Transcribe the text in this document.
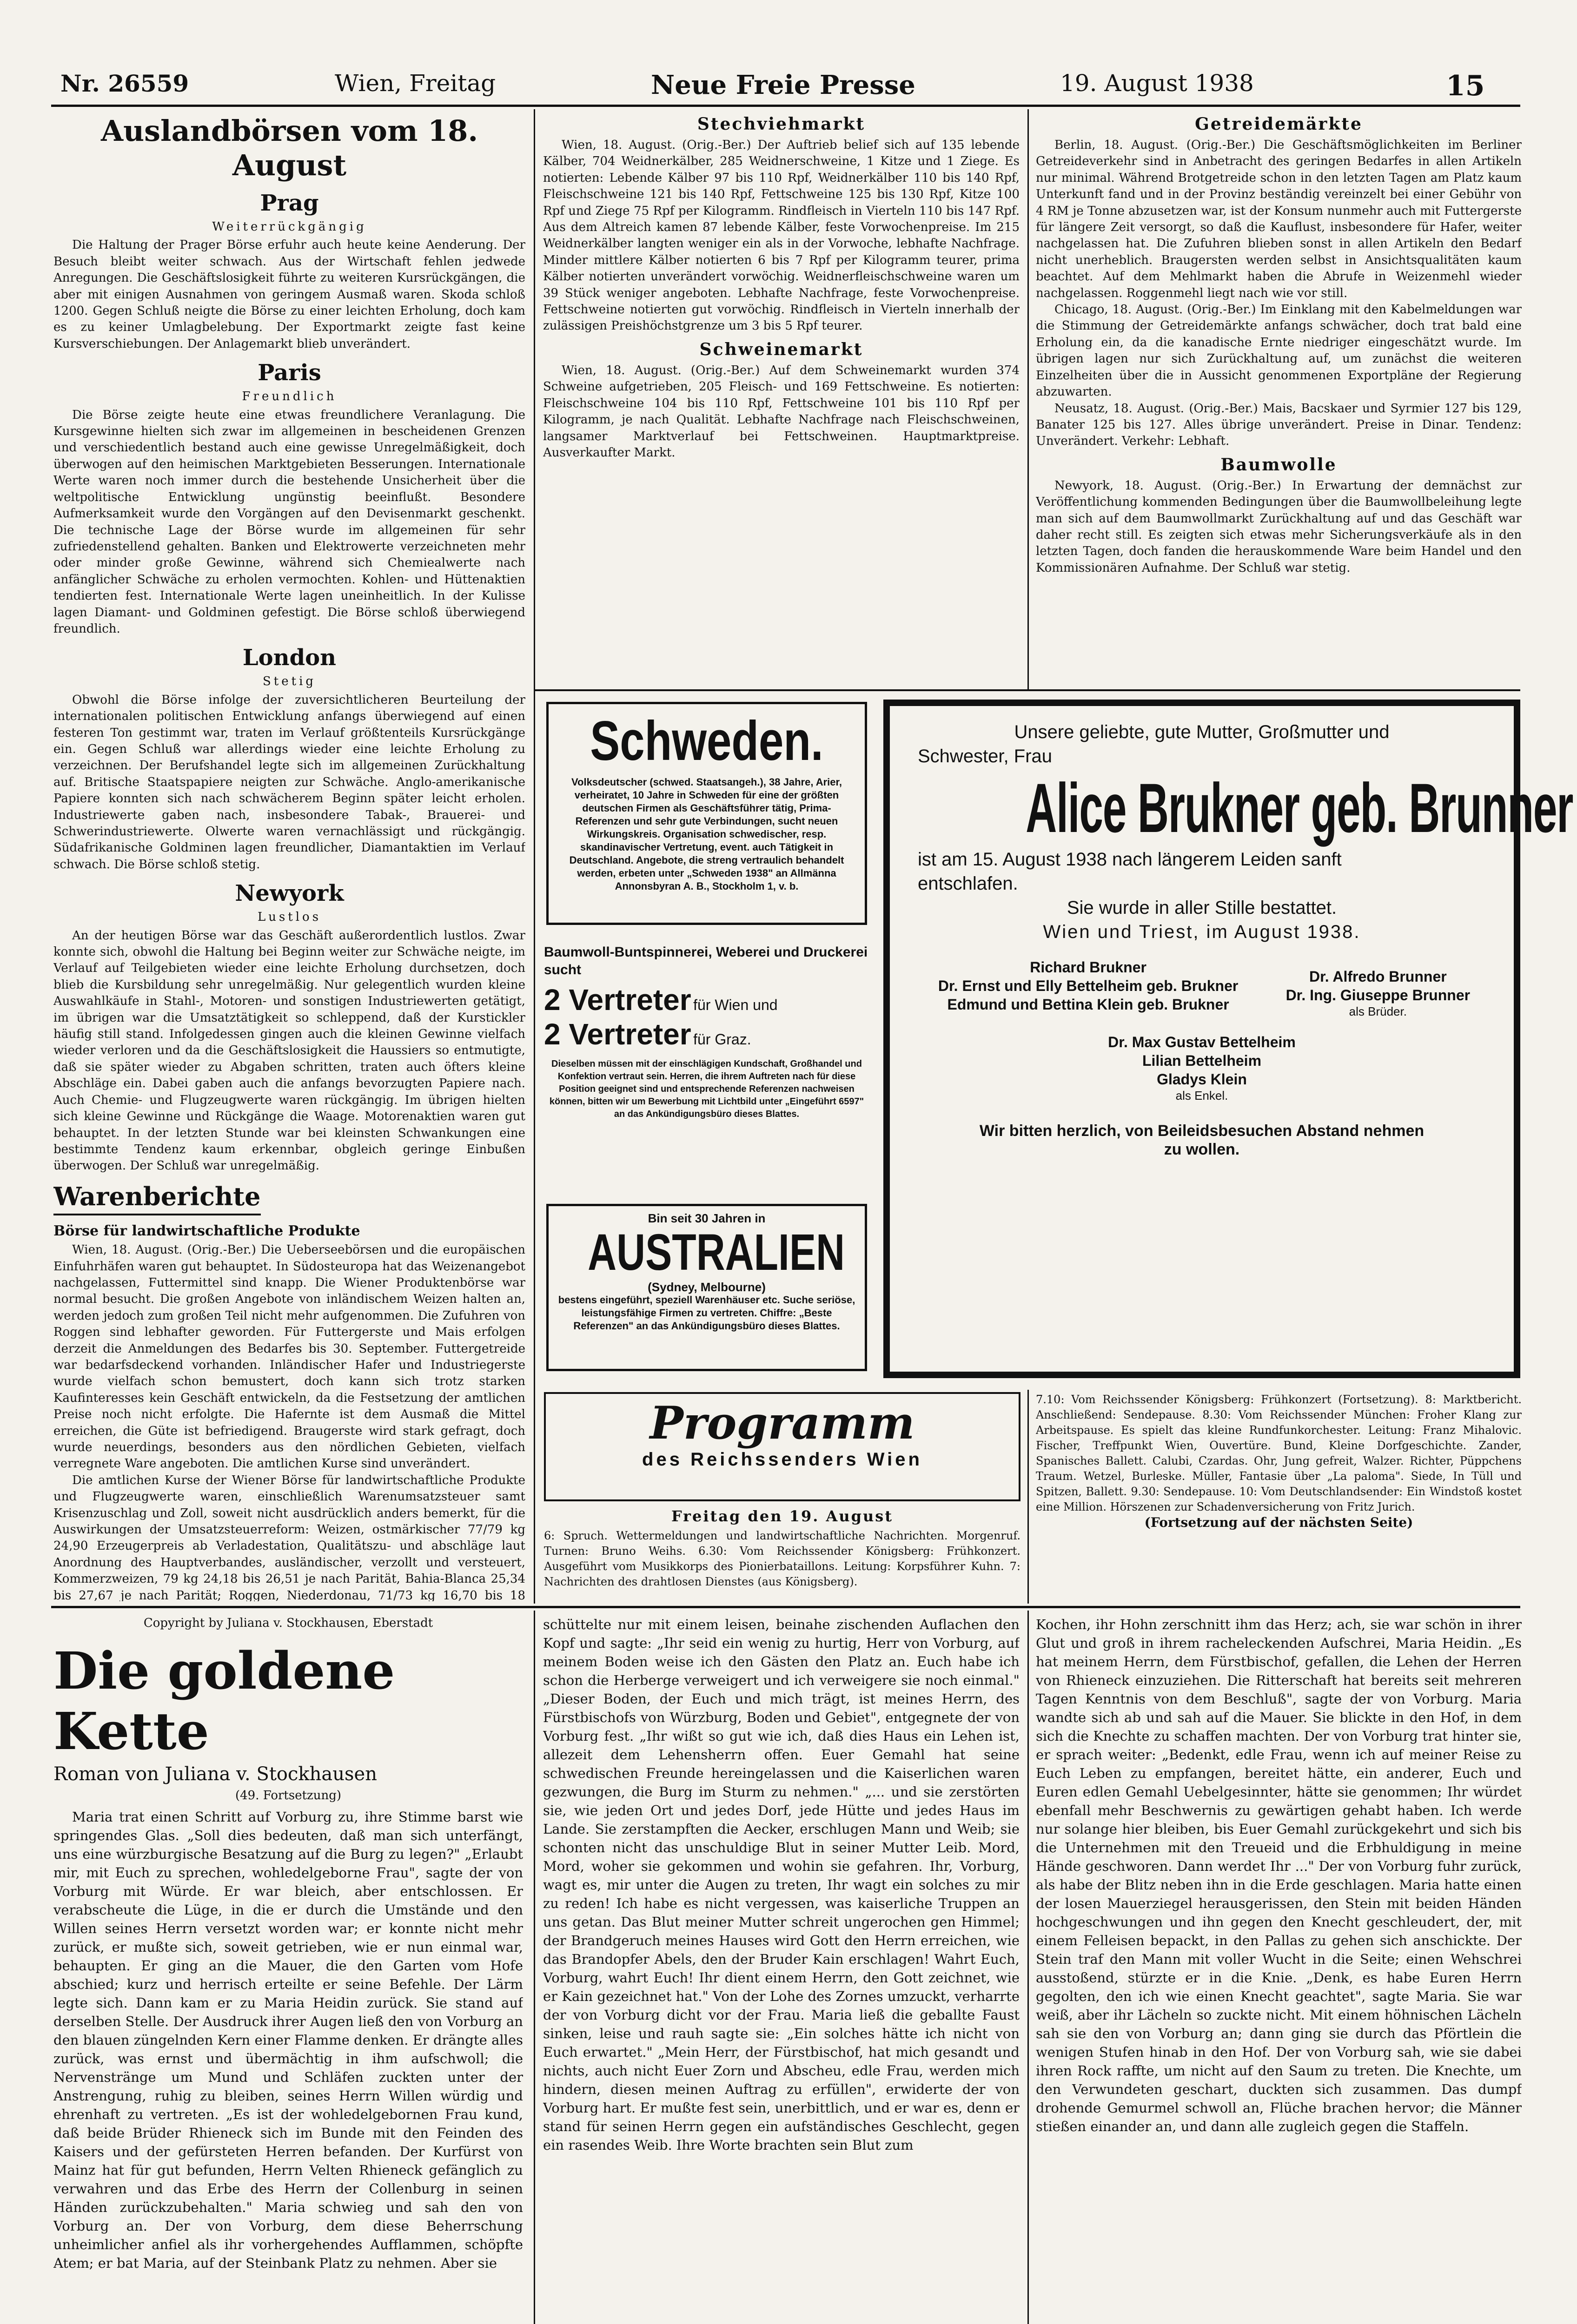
Nr. 26559	Wien, Freitag	Neue Freie Presse	19. August 1938	15
Auslandbörsen vom 18. August
Prag
Weiterrückgängig

Die Haltung der Prager Börse erfuhr auch heute keine Aenderung. Der Besuch bleibt weiter schwach. Aus der Wirtschaft fehlen jedwede Anregungen. Die Geschäftslosigkeit führte zu weiteren Kursrückgängen, die aber mit einigen Ausnahmen von geringem Ausmaß waren. Skoda schloß 1200. Gegen Schluß neigte die Börse zu einer leichten Erholung, doch kam es zu keiner Umlagbelebung. Der Exportmarkt zeigte fast keine Kursverschiebungen. Der Anlagemarkt blieb unverändert.

Paris
Freundlich

Die Börse zeigte heute eine etwas freundlichere Veranlagung. Die Kursgewinne hielten sich zwar im allgemeinen in bescheidenen Grenzen und verschiedentlich bestand auch eine gewisse Unregelmäßigkeit, doch überwogen auf den heimischen Marktgebieten Besserungen. Internationale Werte waren noch immer durch die bestehende Unsicherheit über die weltpolitische Entwicklung ungünstig beeinflußt. Besondere Aufmerksamkeit wurde den Vorgängen auf den Devisenmarkt geschenkt. Die technische Lage der Börse wurde im allgemeinen für sehr zufriedenstellend gehalten. Banken und Elektrowerte verzeichneten mehr oder minder große Gewinne, während sich Chemiealwerte nach anfänglicher Schwäche zu erholen vermochten. Kohlen- und Hüttenaktien tendierten fest. Internationale Werte lagen uneinheitlich. In der Kulisse lagen Diamant- und Goldminen gefestigt. Die Börse schloß überwiegend freundlich.

London
Stetig

Obwohl die Börse infolge der zuversichtlicheren Beurteilung der internationalen politischen Entwicklung anfangs überwiegend auf einen festeren Ton gestimmt war, traten im Verlauf größtenteils Kursrückgänge ein. Gegen Schluß war allerdings wieder eine leichte Erholung zu verzeichnen. Der Berufshandel legte sich im allgemeinen Zurückhaltung auf. Britische Staatspapiere neigten zur Schwäche. Anglo-amerikanische Papiere konnten sich nach schwächerem Beginn später leicht erholen. Industriewerte gaben nach, insbesondere Tabak-, Brauerei- und Schwerindustriewerte. Olwerte waren vernachlässigt und rückgängig. Südafrikanische Goldminen lagen freundlicher, Diamantaktien im Verlauf schwach. Die Börse schloß stetig.

Newyork
Lustlos

An der heutigen Börse war das Geschäft außerordentlich lustlos. Zwar konnte sich, obwohl die Haltung bei Beginn weiter zur Schwäche neigte, im Verlauf auf Teilgebieten wieder eine leichte Erholung durchsetzen, doch blieb die Kursbildung sehr unregelmäßig. Nur gelegentlich wurden kleine Auswahlkäufe in Stahl-, Motoren- und sonstigen Industriewerten getätigt, im übrigen war die Umsatztätigkeit so schleppend, daß der Kurstickler häufig still stand. Infolgedessen gingen auch die kleinen Gewinne vielfach wieder verloren und da die Geschäftslosigkeit die Haussiers so entmutigte, daß sie später wieder zu Abgaben schritten, traten auch öfters kleine Abschläge ein. Dabei gaben auch die anfangs bevorzugten Papiere nach. Auch Chemie- und Flugzeugwerte waren rückgängig. Im übrigen hielten sich kleine Gewinne und Rückgänge die Waage. Motorenaktien waren gut behauptet. In der letzten Stunde war bei kleinsten Schwankungen eine bestimmte Tendenz kaum erkennbar, obgleich geringe Einbußen überwogen. Der Schluß war unregelmäßig.

Warenberichte
Börse für landwirtschaftliche Produkte

Wien, 18. August. (Orig.-Ber.) Die Ueberseebörsen und die europäischen Einfuhrhäfen waren gut behauptet. In Südosteuropa hat das Weizenangebot nachgelassen, Futtermittel sind knapp. Die Wiener Produktenbörse war normal besucht. Die großen Angebote von inländischem Weizen halten an, werden jedoch zum großen Teil nicht mehr aufgenommen. Die Zufuhren von Roggen sind lebhafter geworden. Für Futtergerste und Mais erfolgen derzeit die Anmeldungen des Bedarfes bis 30. September. Futtergetreide war bedarfsdeckend vorhanden. Inländischer Hafer und Industriegerste wurde vielfach schon bemustert, doch kann sich trotz starken Kaufinteresses kein Geschäft entwickeln, da die Festsetzung der amtlichen Preise noch nicht erfolgte. Die Hafernte ist dem Ausmaß die Mittel erreichen, die Güte ist befriedigend. Braugerste wird stark gefragt, doch wurde neuerdings, besonders aus den nördlichen Gebieten, vielfach verregnete Ware angeboten. Die amtlichen Kurse sind unverändert.

Die amtlichen Kurse der Wiener Börse für landwirtschaftliche Produkte und Flugzeugwerte waren, einschließlich Warenumsatzsteuer samt Krisenzuschlag und Zoll, soweit nicht ausdrücklich anders bemerkt, für die Auswirkungen der Umsatzsteuerreform: Weizen, ostmärkischer 77/79 kg 24,90 Erzeugerpreis ab Verladestation, Qualitätszu- und abschläge laut Anordnung des Hauptverbandes, ausländischer, verzollt und versteuert, Kommerzweizen, 79 kg 24,18 bis 26,51 je nach Parität, Bahia-Blanca 25,34 bis 27,67 je nach Parität; Roggen, Niederdonau, 71/73 kg 16,70 bis 18

Stechviehmarkt

Wien, 18. August. (Orig.-Ber.) Der Auftrieb belief sich auf 135 lebende Kälber, 704 Weidnerkälber, 285 Weidnerschweine, 1 Kitze und 1 Ziege. Es notierten: Lebende Kälber 97 bis 110 Rpf, Weidnerkälber 110 bis 140 Rpf, Fleischschweine 121 bis 140 Rpf, Fettschweine 125 bis 130 Rpf, Kitze 100 Rpf und Ziege 75 Rpf per Kilogramm. Rindfleisch in Vierteln 110 bis 147 Rpf. Aus dem Altreich kamen 87 lebende Kälber, feste Vorwochenpreise. Im 215 Weidnerkälber langten weniger ein als in der Vorwoche, lebhafte Nachfrage. Minder mittlere Kälber notierten 6 bis 7 Rpf per Kilogramm teurer, prima Kälber notierten unverändert vorwöchig. Weidnerfleischschweine waren um 39 Stück weniger angeboten. Lebhafte Nachfrage, feste Vorwochenpreise. Fettschweine notierten gut vorwöchig. Rindfleisch in Vierteln innerhalb der zulässigen Preishöchstgrenze um 3 bis 5 Rpf teurer.

Schweinemarkt

Wien, 18. August. (Orig.-Ber.) Auf dem Schweinemarkt wurden 374 Schweine aufgetrieben, 205 Fleisch- und 169 Fettschweine. Es notierten: Fleischschweine 104 bis 110 Rpf, Fettschweine 101 bis 110 Rpf per Kilogramm, je nach Qualität. Lebhafte Nachfrage nach Fleischschweinen, langsamer Marktverlauf bei Fettschweinen. Hauptmarktpreise. Ausverkaufter Markt.

Getreidemärkte

Berlin, 18. August. (Orig.-Ber.) Die Geschäftsmöglichkeiten im Berliner Getreideverkehr sind in Anbetracht des geringen Bedarfes in allen Artikeln nur minimal. Während Brotgetreide schon in den letzten Tagen am Platz kaum Unterkunft fand und in der Provinz beständig vereinzelt bei einer Gebühr von 4 RM je Tonne abzusetzen war, ist der Konsum nunmehr auch mit Futtergerste für längere Zeit versorgt, so daß die Kauflust, insbesondere für Hafer, weiter nachgelassen hat. Die Zufuhren blieben sonst in allen Artikeln den Bedarf nicht unerheblich. Braugersten werden selbst in Ansichtsqualitäten kaum beachtet. Auf dem Mehlmarkt haben die Abrufe in Weizenmehl wieder nachgelassen. Roggenmehl liegt nach wie vor still.

Chicago, 18. August. (Orig.-Ber.) Im Einklang mit den Kabelmeldungen war die Stimmung der Getreidemärkte anfangs schwächer, doch trat bald eine Erholung ein, da die kanadische Ernte niedriger eingeschätzt wurde. Im übrigen lagen nur sich Zurückhaltung auf, um zunächst die weiteren Einzelheiten über die in Aussicht genommenen Exportpläne der Regierung abzuwarten.

Neusatz, 18. August. (Orig.-Ber.) Mais, Bacskaer und Syrmier 127 bis 129, Banater 125 bis 127. Alles übrige unverändert. Preise in Dinar. Tendenz: Unverändert. Verkehr: Lebhaft.

Baumwolle

Newyork, 18. August. (Orig.-Ber.) In Erwartung der demnächst zur Veröffentlichung kommenden Bedingungen über die Baumwollbeleihung legte man sich auf dem Baumwollmarkt Zurückhaltung auf und das Geschäft war daher recht still. Es zeigten sich etwas mehr Sicherungsverkäufe als in den letzten Tagen, doch fanden die herauskommende Ware beim Handel und den Kommissionären Aufnahme. Der Schluß war stetig.

Schweden.
Volksdeutscher (schwed. Staatsangeh.), 38 Jahre, Arier, verheiratet, 10 Jahre in Schweden für eine der größten deutschen Firmen als Geschäftsführer tätig, Prima-Referenzen und sehr gute Verbindungen, sucht neuen Wirkungskreis. Organisation schwedischer, resp. skandinavischer Vertretung, event. auch Tätigkeit in Deutschland. Angebote, die streng vertraulich behandelt werden, erbeten unter „Schweden 1938" an Allmänna Annonsbyran A. B., Stockholm 1, v. b.
Baumwoll-Buntspinnerei, Weberei und Druckerei sucht
2 Vertreter für Wien und
2 Vertreter für Graz.
Dieselben müssen mit der einschlägigen Kundschaft, Großhandel und Konfektion vertraut sein. Herren, die ihrem Auftreten nach für diese Position geeignet sind und entsprechende Referenzen nachweisen können, bitten wir um Bewerbung mit Lichtbild unter „Eingeführt 6597" an das Ankündigungsbüro dieses Blattes.
Bin seit 30 Jahren in
AUSTRALIEN
(Sydney, Melbourne)
bestens eingeführt, speziell Warenhäuser etc. Suche seriöse, leistungsfähige Firmen zu vertreten. Chiffre: „Beste Referenzen" an das Ankündigungsbüro dieses Blattes.
Unsere geliebte, gute Mutter, Großmutter und
Schwester, Frau
Alice Brukner geb. Brunner
ist am 15. August 1938 nach längerem Leiden sanft
entschlafen.
Sie wurde in aller Stille bestattet.
Wien und Triest, im August 1938.
Richard Brukner
Dr. Ernst und Elly Bettelheim geb. Brukner
Edmund und Bettina Klein geb. Brukner
Dr. Alfredo Brunner
Dr. Ing. Giuseppe Brunner
als Brüder.
Dr. Max Gustav Bettelheim
Lilian Bettelheim
Gladys Klein
als Enkel.
Wir bitten herzlich, von Beileidsbesuchen Abstand nehmen
zu wollen.
Programm
des Reichssenders Wien
Freitag den 19. August

6: Spruch. Wettermeldungen und landwirtschaftliche Nachrichten. Morgenruf. Turnen: Bruno Weihs. 6.30: Vom Reichssender Königsberg: Frühkonzert. Ausgeführt vom Musikkorps des Pionierbataillons. Leitung: Korpsführer Kuhn. 7: Nachrichten des drahtlosen Dienstes (aus Königsberg).

7.10: Vom Reichssender Königsberg: Frühkonzert (Fortsetzung). 8: Marktbericht. Anschließend: Sendepause. 8.30: Vom Reichssender München: Froher Klang zur Arbeitspause. Es spielt das kleine Rundfunkorchester. Leitung: Franz Mihalovic. Fischer, Treffpunkt Wien, Ouvertüre. Bund, Kleine Dorfgeschichte. Zander, Spanisches Ballett. Calubi, Czardas. Ohr, Jung gefreit, Walzer. Richter, Püppchens Traum. Wetzel, Burleske. Müller, Fantasie über „La paloma". Siede, In Tüll und Spitzen, Ballett. 9.30: Sendepause. 10: Vom Deutschlandsender: Ein Windstoß kostet eine Million. Hörszenen zur Schadenversicherung von Fritz Jurich.

(Fortsetzung auf der nächsten Seite)
Copyright by Juliana v. Stockhausen, Eberstadt
Die goldene Kette
Roman von Juliana v. Stockhausen
(49. Fortsetzung)

Maria trat einen Schritt auf Vorburg zu, ihre Stimme barst wie springendes Glas. „Soll dies bedeuten, daß man sich unterfängt, uns eine würzburgische Besatzung auf die Burg zu legen?" „Erlaubt mir, mit Euch zu sprechen, wohledelgeborne Frau", sagte der von Vorburg mit Würde. Er war bleich, aber entschlossen. Er verabscheute die Lüge, in die er durch die Umstände und den Willen seines Herrn versetzt worden war; er konnte nicht mehr zurück, er mußte sich, soweit getrieben, wie er nun einmal war, behaupten. Er ging an die Mauer, die den Garten vom Hofe abschied; kurz und herrisch erteilte er seine Befehle. Der Lärm legte sich. Dann kam er zu Maria Heidin zurück. Sie stand auf derselben Stelle. Der Ausdruck ihrer Augen ließ den von Vorburg an den blauen züngelnden Kern einer Flamme denken. Er drängte alles zurück, was ernst und übermächtig in ihm aufschwoll; die Nervenstränge um Mund und Schläfen zuckten unter der Anstrengung, ruhig zu bleiben, seines Herrn Willen würdig und ehrenhaft zu vertreten. „Es ist der wohledelgebornen Frau kund, daß beide Brüder Rhieneck sich im Bunde mit den Feinden des Kaisers und der gefürsteten Herren befanden. Der Kurfürst von Mainz hat für gut befunden, Herrn Velten Rhieneck gefänglich zu verwahren und das Erbe des Herrn der Collenburg in seinen Händen zurückzubehalten." Maria schwieg und sah den von Vorburg an. Der von Vorburg, dem diese Beherrschung unheimlicher anfiel als ihr vorhergehendes Aufflammen, schöpfte Atem; er bat Maria, auf der Steinbank Platz zu nehmen. Aber sie

schüttelte nur mit einem leisen, beinahe zischenden Auflachen den Kopf und sagte: „Ihr seid ein wenig zu hurtig, Herr von Vorburg, auf meinem Boden weise ich den Gästen den Platz an. Euch habe ich schon die Herberge verweigert und ich verweigere sie noch einmal." „Dieser Boden, der Euch und mich trägt, ist meines Herrn, des Fürstbischofs von Würzburg, Boden und Gebiet", entgegnete der von Vorburg fest. „Ihr wißt so gut wie ich, daß dies Haus ein Lehen ist, allezeit dem Lehensherrn offen. Euer Gemahl hat seine schwedischen Freunde hereingelassen und die Kaiserlichen waren gezwungen, die Burg im Sturm zu nehmen." „... und sie zerstörten sie, wie jeden Ort und jedes Dorf, jede Hütte und jedes Haus im Lande. Sie zerstampften die Aecker, erschlugen Mann und Weib; sie schonten nicht das unschuldige Blut in seiner Mutter Leib. Mord, Mord, woher sie gekommen und wohin sie gefahren. Ihr, Vorburg, wagt es, mir unter die Augen zu treten, Ihr wagt ein solches zu mir zu reden! Ich habe es nicht vergessen, was kaiserliche Truppen an uns getan. Das Blut meiner Mutter schreit ungerochen gen Himmel; der Brandgeruch meines Hauses wird Gott den Herrn erreichen, wie das Brandopfer Abels, den der Bruder Kain erschlagen! Wahrt Euch, Vorburg, wahrt Euch! Ihr dient einem Herrn, den Gott zeichnet, wie er Kain gezeichnet hat." Von der Lohe des Zornes umzuckt, verharrte der von Vorburg dicht vor der Frau. Maria ließ die geballte Faust sinken, leise und rauh sagte sie: „Ein solches hätte ich nicht von Euch erwartet." „Mein Herr, der Fürstbischof, hat mich gesandt und nichts, auch nicht Euer Zorn und Abscheu, edle Frau, werden mich hindern, diesen meinen Auftrag zu erfüllen", erwiderte der von Vorburg hart. Er mußte fest sein, unerbittlich, und er war es, denn er stand für seinen Herrn gegen ein aufständisches Geschlecht, gegen ein rasendes Weib. Ihre Worte brachten sein Blut zum

Kochen, ihr Hohn zerschnitt ihm das Herz; ach, sie war schön in ihrer Glut und groß in ihrem racheleckenden Aufschrei, Maria Heidin. „Es hat meinem Herrn, dem Fürstbischof, gefallen, die Lehen der Herren von Rhieneck einzuziehen. Die Ritterschaft hat bereits seit mehreren Tagen Kenntnis von dem Beschluß", sagte der von Vorburg. Maria wandte sich ab und sah auf die Mauer. Sie blickte in den Hof, in dem sich die Knechte zu schaffen machten. Der von Vorburg trat hinter sie, er sprach weiter: „Bedenkt, edle Frau, wenn ich auf meiner Reise zu Euch Leben zu empfangen, bereitet hätte, ein anderer, Euch und Euren edlen Gemahl Uebelgesinnter, hätte sie genommen; Ihr würdet ebenfall mehr Beschwernis zu gewärtigen gehabt haben. Ich werde nur solange hier bleiben, bis Euer Gemahl zurückgekehrt und sich bis die Unternehmen mit den Treueid und die Erbhuldigung in meine Hände geschworen. Dann werdet Ihr ..." Der von Vorburg fuhr zurück, als habe der Blitz neben ihn in die Erde geschlagen. Maria hatte einen der losen Mauerziegel herausgerissen, den Stein mit beiden Händen hochgeschwungen und ihn gegen den Knecht geschleudert, der, mit einem Felleisen bepackt, in den Pallas zu gehen sich anschickte. Der Stein traf den Mann mit voller Wucht in die Seite; einen Wehschrei ausstoßend, stürzte er in die Knie. „Denk, es habe Euren Herrn gegolten, den ich wie einen Knecht geachtet", sagte Maria. Sie war weiß, aber ihr Lächeln so zuckte nicht. Mit einem höhnischen Lächeln sah sie den von Vorburg an; dann ging sie durch das Pförtlein die wenigen Stufen hinab in den Hof. Der von Vorburg sah, wie sie dabei ihren Rock raffte, um nicht auf den Saum zu treten. Die Knechte, um den Verwundeten geschart, duckten sich zusammen. Das dumpf drohende Gemurmel schwoll an, Flüche brachen hervor; die Männer stießen einander an, und dann alle zugleich gegen die Staffeln.
